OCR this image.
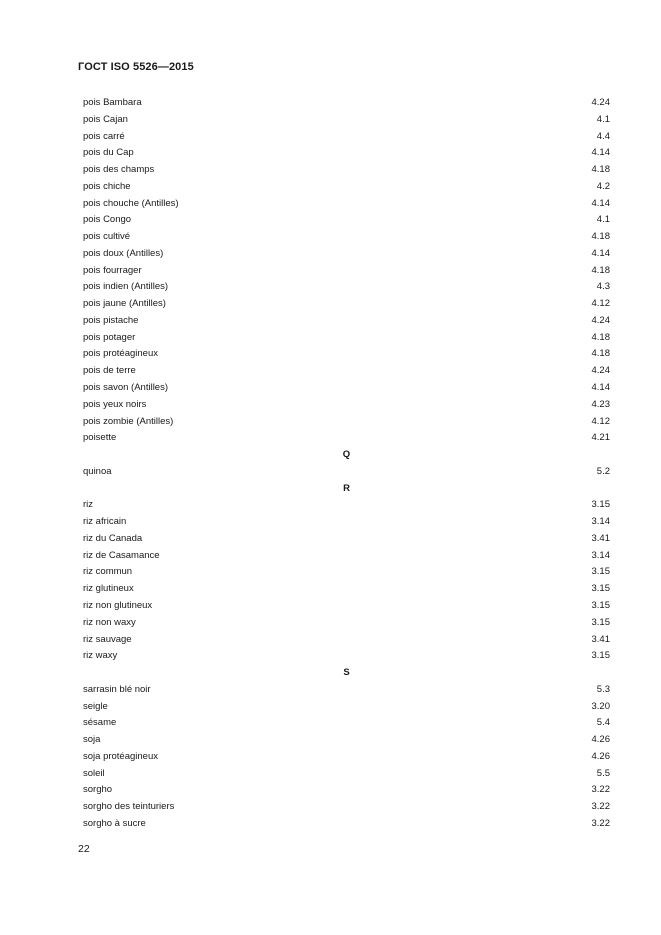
ГОСТ ISO 5526—2015
pois Bambara	4.24
pois Cajan	4.1
pois carré	4.4
pois du Cap	4.14
pois des champs	4.18
pois chiche	4.2
pois chouche (Antilles)	4.14
pois Congo	4.1
pois cultivé	4.18
pois doux (Antilles)	4.14
pois fourrager	4.18
pois indien (Antilles)	4.3
pois jaune (Antilles)	4.12
pois pistache	4.24
pois potager	4.18
pois protéagineux	4.18
pois de terre	4.24
pois savon (Antilles)	4.14
pois yeux noirs	4.23
pois zombie (Antilles)	4.12
poisette	4.21
Q
quinoa	5.2
R
riz	3.15
riz africain	3.14
riz du Canada	3.41
riz de Casamance	3.14
riz commun	3.15
riz glutineux	3.15
riz non glutineux	3.15
riz non waxy	3.15
riz sauvage	3.41
riz waxy	3.15
S
sarrasin blé noir	5.3
seigle	3.20
sésame	5.4
soja	4.26
soja protéagineux	4.26
soleil	5.5
sorgho	3.22
sorgho des teinturiers	3.22
sorgho à sucre	3.22
22
